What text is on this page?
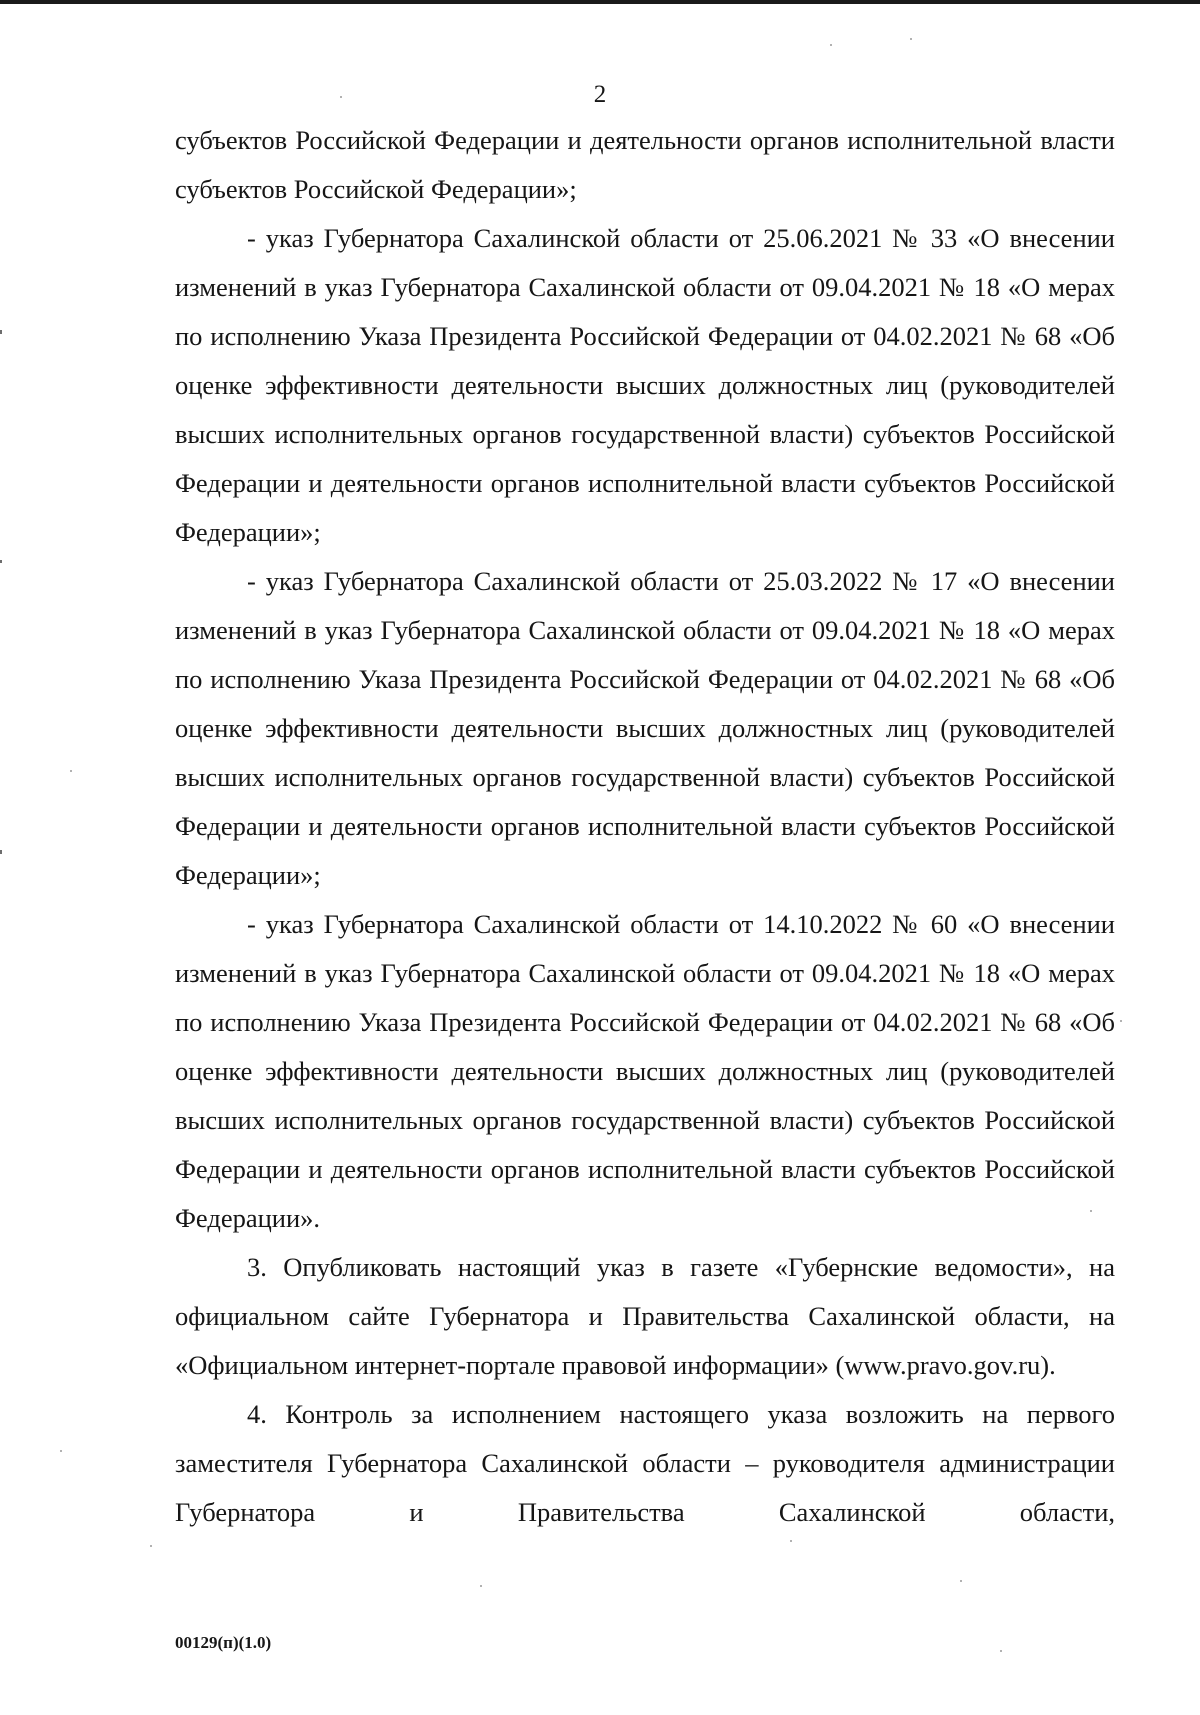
2

субъектов Российской Федерации и деятельности органов исполнительной власти субъектов Российской Федерации»;

- указ Губернатора Сахалинской области от 25.06.2021 № 33 «О внесении изменений в указ Губернатора Сахалинской области от 09.04.2021 № 18 «О мерах по исполнению Указа Президента Российской Федерации от 04.02.2021 № 68 «Об оценке эффективности деятельности высших должностных лиц (руководителей высших исполнительных органов государственной власти) субъектов Российской Федерации и деятельности органов исполнительной власти субъектов Российской Федерации»;

- указ Губернатора Сахалинской области от 25.03.2022 № 17 «О внесении изменений в указ Губернатора Сахалинской области от 09.04.2021 № 18 «О мерах по исполнению Указа Президента Российской Федерации от 04.02.2021 № 68 «Об оценке эффективности деятельности высших должностных лиц (руководителей высших исполнительных органов государственной власти) субъектов Российской Федерации и деятельности органов исполнительной власти субъектов Российской Федерации»;

- указ Губернатора Сахалинской области от 14.10.2022 № 60 «О внесении изменений в указ Губернатора Сахалинской области от 09.04.2021 № 18 «О мерах по исполнению Указа Президента Российской Федерации от 04.02.2021 № 68 «Об оценке эффективности деятельности высших должностных лиц (руководителей высших исполнительных органов государственной власти) субъектов Российской Федерации и деятельности органов исполнительной власти субъектов Российской Федерации».

3. Опубликовать настоящий указ в газете «Губернские ведомости», на официальном сайте Губернатора и Правительства Сахалинской области, на «Официальном интернет-портале правовой информации» (www.pravo.gov.ru).

4. Контроль за исполнением настоящего указа возложить на первого заместителя Губернатора Сахалинской области – руководителя администрации Губернатора и Правительства Сахалинской области,

00129(п)(1.0)
